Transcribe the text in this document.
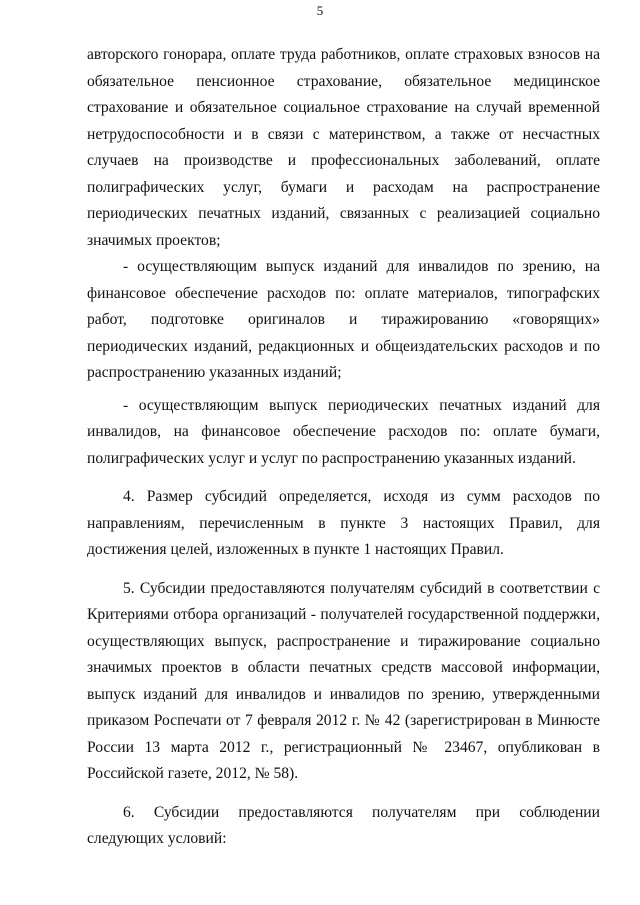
5

авторского гонорара, оплате труда работников, оплате страховых взносов на обязательное пенсионное страхование, обязательное медицинское страхование и обязательное социальное страхование на случай временной нетрудоспособности и в связи с материнством, а также от несчастных случаев на производстве и профессиональных заболеваний, оплате полиграфических услуг, бумаги и расходам на распространение периодических печатных изданий, связанных с реализацией социально значимых проектов;

- осуществляющим выпуск изданий для инвалидов по зрению, на финансовое обеспечение расходов по: оплате материалов, типографских работ, подготовке оригиналов и тиражированию «говорящих» периодических изданий, редакционных и общеиздательских расходов и по распространению указанных изданий;

- осуществляющим выпуск периодических печатных изданий для инвалидов, на финансовое обеспечение расходов по: оплате бумаги, полиграфических услуг и услуг по распространению указанных изданий.

4. Размер субсидий определяется, исходя из сумм расходов по направлениям, перечисленным в пункте 3 настоящих Правил, для достижения целей, изложенных в пункте 1 настоящих Правил.

5. Субсидии предоставляются получателям субсидий в соответствии с Критериями отбора организаций - получателей государственной поддержки, осуществляющих выпуск, распространение и тиражирование социально значимых проектов в области печатных средств массовой информации, выпуск изданий для инвалидов и инвалидов по зрению, утвержденными приказом Роспечати от 7 февраля 2012 г. № 42 (зарегистрирован в Минюсте России 13 марта 2012 г., регистрационный № 23467, опубликован в Российской газете, 2012, № 58).

6. Субсидии предоставляются получателям при соблюдении следующих условий:
